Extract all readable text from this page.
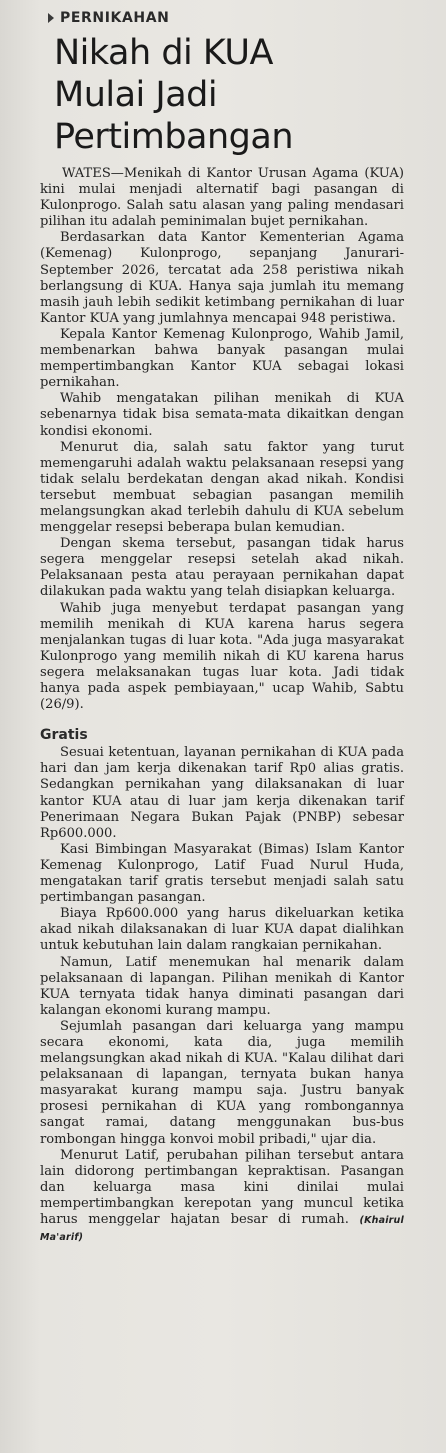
PERNIKAHAN
Nikah di KUA
Mulai Jadi
Pertimbangan

WATES—Menikah di Kantor Urusan Agama (KUA) kini mulai menjadi alternatif bagi pasangan di Kulonprogo. Salah satu alasan yang paling mendasari pilihan itu adalah peminimalan bujet pernikahan.

Berdasarkan data Kantor Kementerian Agama (Kemenag) Kulonprogo, sepanjang Janurari-September 2026, tercatat ada 258 peristiwa nikah berlangsung di KUA. Hanya saja jumlah itu memang masih jauh lebih sedikit ketimbang pernikahan di luar Kantor KUA yang jumlahnya mencapai 948 peristiwa.

Kepala Kantor Kemenag Kulonprogo, Wahib Jamil, membenarkan bahwa banyak pasangan mulai mempertimbangkan Kantor KUA sebagai lokasi pernikahan.

Wahib mengatakan pilihan menikah di KUA sebenarnya tidak bisa semata-mata dikaitkan dengan kondisi ekonomi.

Menurut dia, salah satu faktor yang turut memengaruhi adalah waktu pelaksanaan resepsi yang tidak selalu berdekatan dengan akad nikah. Kondisi tersebut membuat sebagian pasangan memilih melangsungkan akad terlebih dahulu di KUA sebelum menggelar resepsi beberapa bulan kemudian.

Dengan skema tersebut, pasangan tidak harus segera menggelar resepsi setelah akad nikah. Pelaksanaan pesta atau perayaan pernikahan dapat dilakukan pada waktu yang telah disiapkan keluarga.

Wahib juga menyebut terdapat pasangan yang memilih menikah di KUA karena harus segera menjalankan tugas di luar kota. "Ada juga masyarakat Kulonprogo yang memilih nikah di KU karena harus segera melaksanakan tugas luar kota. Jadi tidak hanya pada aspek pembiayaan," ucap Wahib, Sabtu (26/9).

Gratis

Sesuai ketentuan, layanan pernikahan di KUA pada hari dan jam kerja dikenakan tarif Rp0 alias gratis. Sedangkan pernikahan yang dilaksanakan di luar kantor KUA atau di luar jam kerja dikenakan tarif Penerimaan Negara Bukan Pajak (PNBP) sebesar Rp600.000.

Kasi Bimbingan Masyarakat (Bimas) Islam Kantor Kemenag Kulonprogo, Latif Fuad Nurul Huda, mengatakan tarif gratis tersebut menjadi salah satu pertimbangan pasangan.

Biaya Rp600.000 yang harus dikeluarkan ketika akad nikah dilaksanakan di luar KUA dapat dialihkan untuk kebutuhan lain dalam rangkaian pernikahan.

Namun, Latif menemukan hal menarik dalam pelaksanaan di lapangan. Pilihan menikah di Kantor KUA ternyata tidak hanya diminati pasangan dari kalangan ekonomi kurang mampu.

Sejumlah pasangan dari keluarga yang mampu secara ekonomi, kata dia, juga memilih melangsungkan akad nikah di KUA. "Kalau dilihat dari pelaksanaan di lapangan, ternyata bukan hanya masyarakat kurang mampu saja. Justru banyak prosesi pernikahan di KUA yang rombongannya sangat ramai, datang menggunakan bus-bus rombongan hingga konvoi mobil pribadi," ujar dia.

Menurut Latif, perubahan pilihan tersebut antara lain didorong pertimbangan kepraktisan. Pasangan dan keluarga masa kini dinilai mulai mempertimbangkan kerepotan yang muncul ketika harus menggelar hajatan besar di rumah. (Khairul Ma'arif)
